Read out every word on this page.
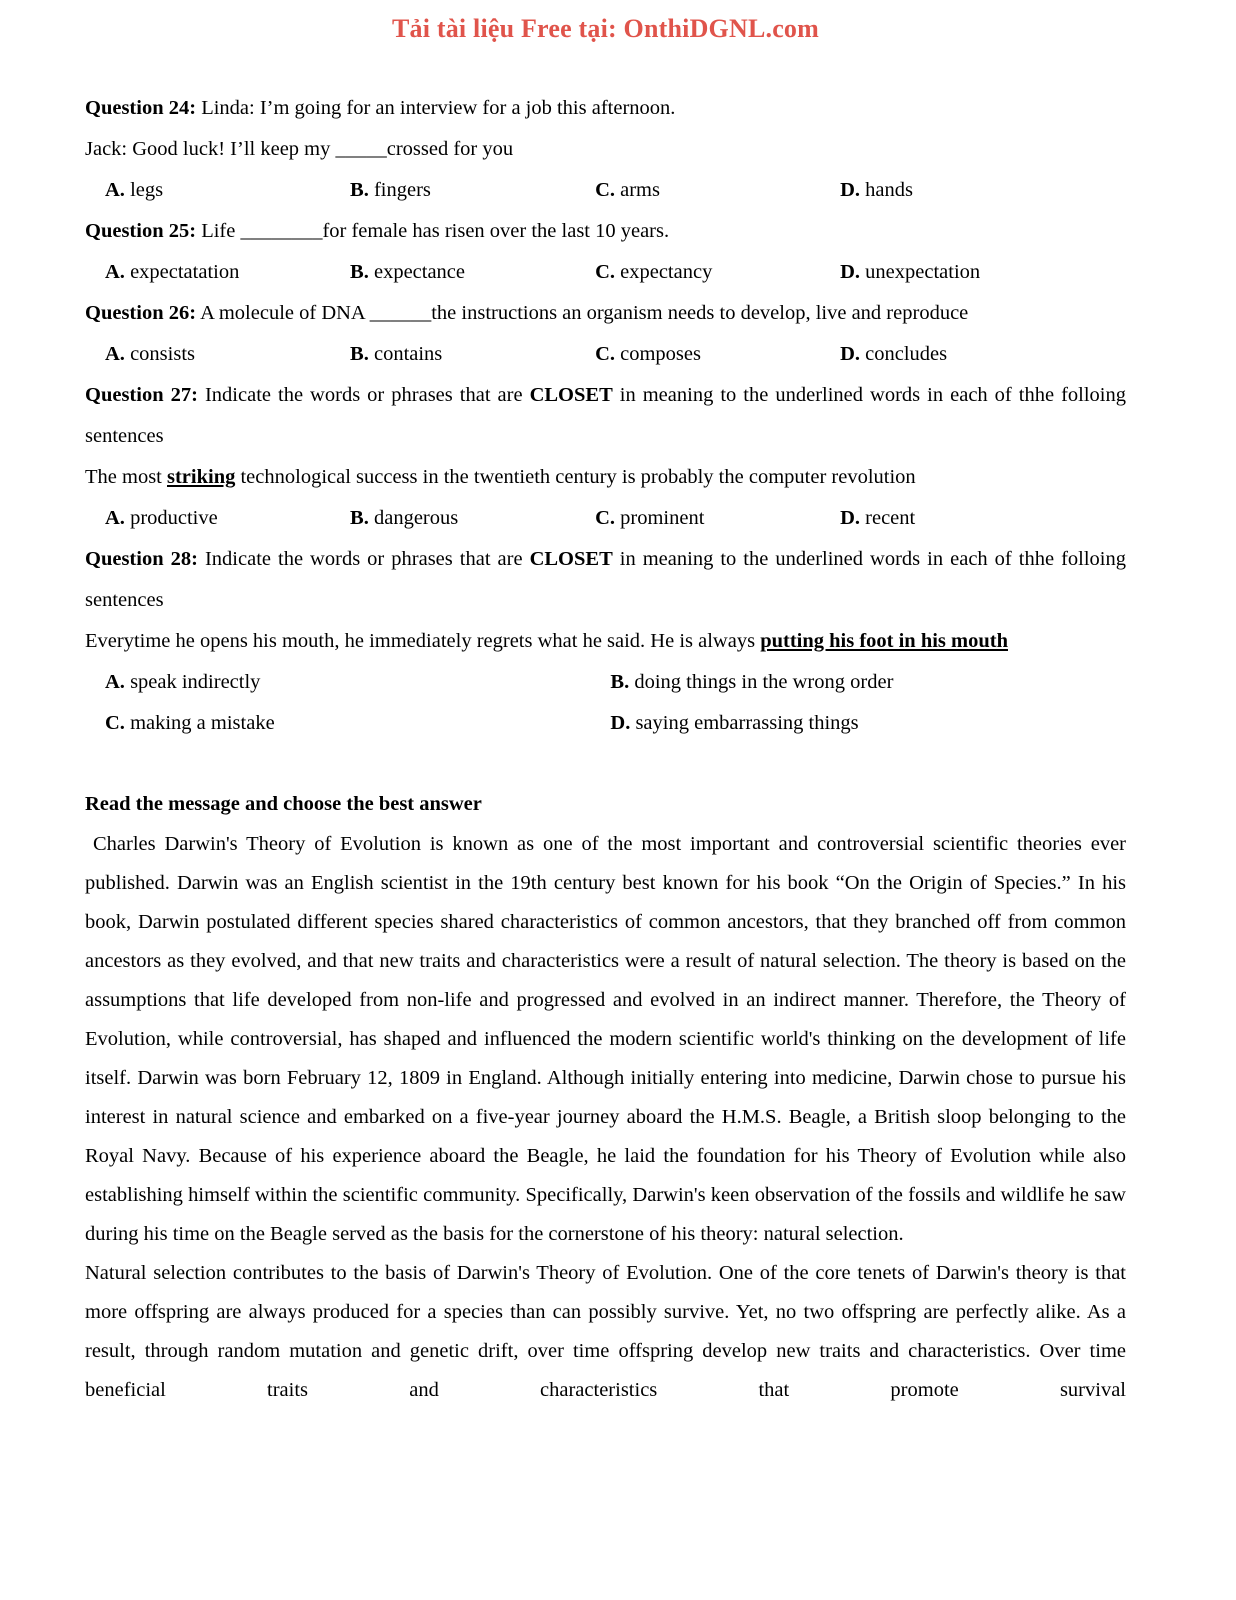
Tải tài liệu Free tại: OnthiDGNL.com
Question 24: Linda: I’m going for an interview for a job this afternoon.
Jack: Good luck! I’ll keep my _____crossed for you
A. legs	B. fingers	C. arms	D. hands
Question 25: Life ________for female has risen over the last 10 years.
A. expectatation	B. expectance	C. expectancy	D. unexpectation
Question 26: A molecule of DNA ______the instructions an organism needs to develop, live and reproduce
A. consists	B. contains	C. composes	D. concludes
Question 27: Indicate the words or phrases that are CLOSET in meaning to the underlined words in each of thhe folloing sentences
The most striking technological success in the twentieth century is probably the computer revolution
A. productive	B. dangerous	C. prominent	D. recent
Question 28: Indicate the words or phrases that are CLOSET in meaning to the underlined words in each of thhe folloing sentences
Everytime he opens his mouth, he immediately regrets what he said. He is always putting his foot in his mouth
A. speak indirectly	B. doing things in the wrong order
C. making a mistake	D. saying embarrassing things
Read the message and choose the best answer

Charles Darwin's Theory of Evolution is known as one of the most important and controversial scientific theories ever published. Darwin was an English scientist in the 19th century best known for his book “On the Origin of Species.” In his book, Darwin postulated different species shared characteristics of common ancestors, that they branched off from common ancestors as they evolved, and that new traits and characteristics were a result of natural selection. The theory is based on the assumptions that life developed from non-life and progressed and evolved in an indirect manner. Therefore, the Theory of Evolution, while controversial, has shaped and influenced the modern scientific world's thinking on the development of life itself. Darwin was born February 12, 1809 in England. Although initially entering into medicine, Darwin chose to pursue his interest in natural science and embarked on a five-year journey aboard the H.M.S. Beagle, a British sloop belonging to the Royal Navy. Because of his experience aboard the Beagle, he laid the foundation for his Theory of Evolution while also establishing himself within the scientific community. Specifically, Darwin's keen observation of the fossils and wildlife he saw during his time on the Beagle served as the basis for the cornerstone of his theory: natural selection.

Natural selection contributes to the basis of Darwin's Theory of Evolution. One of the core tenets of Darwin's theory is that more offspring are always produced for a species than can possibly survive. Yet, no two offspring are perfectly alike. As a result, through random mutation and genetic drift, over time offspring develop new traits and characteristics. Over time beneficial traits and characteristics that promote survival
